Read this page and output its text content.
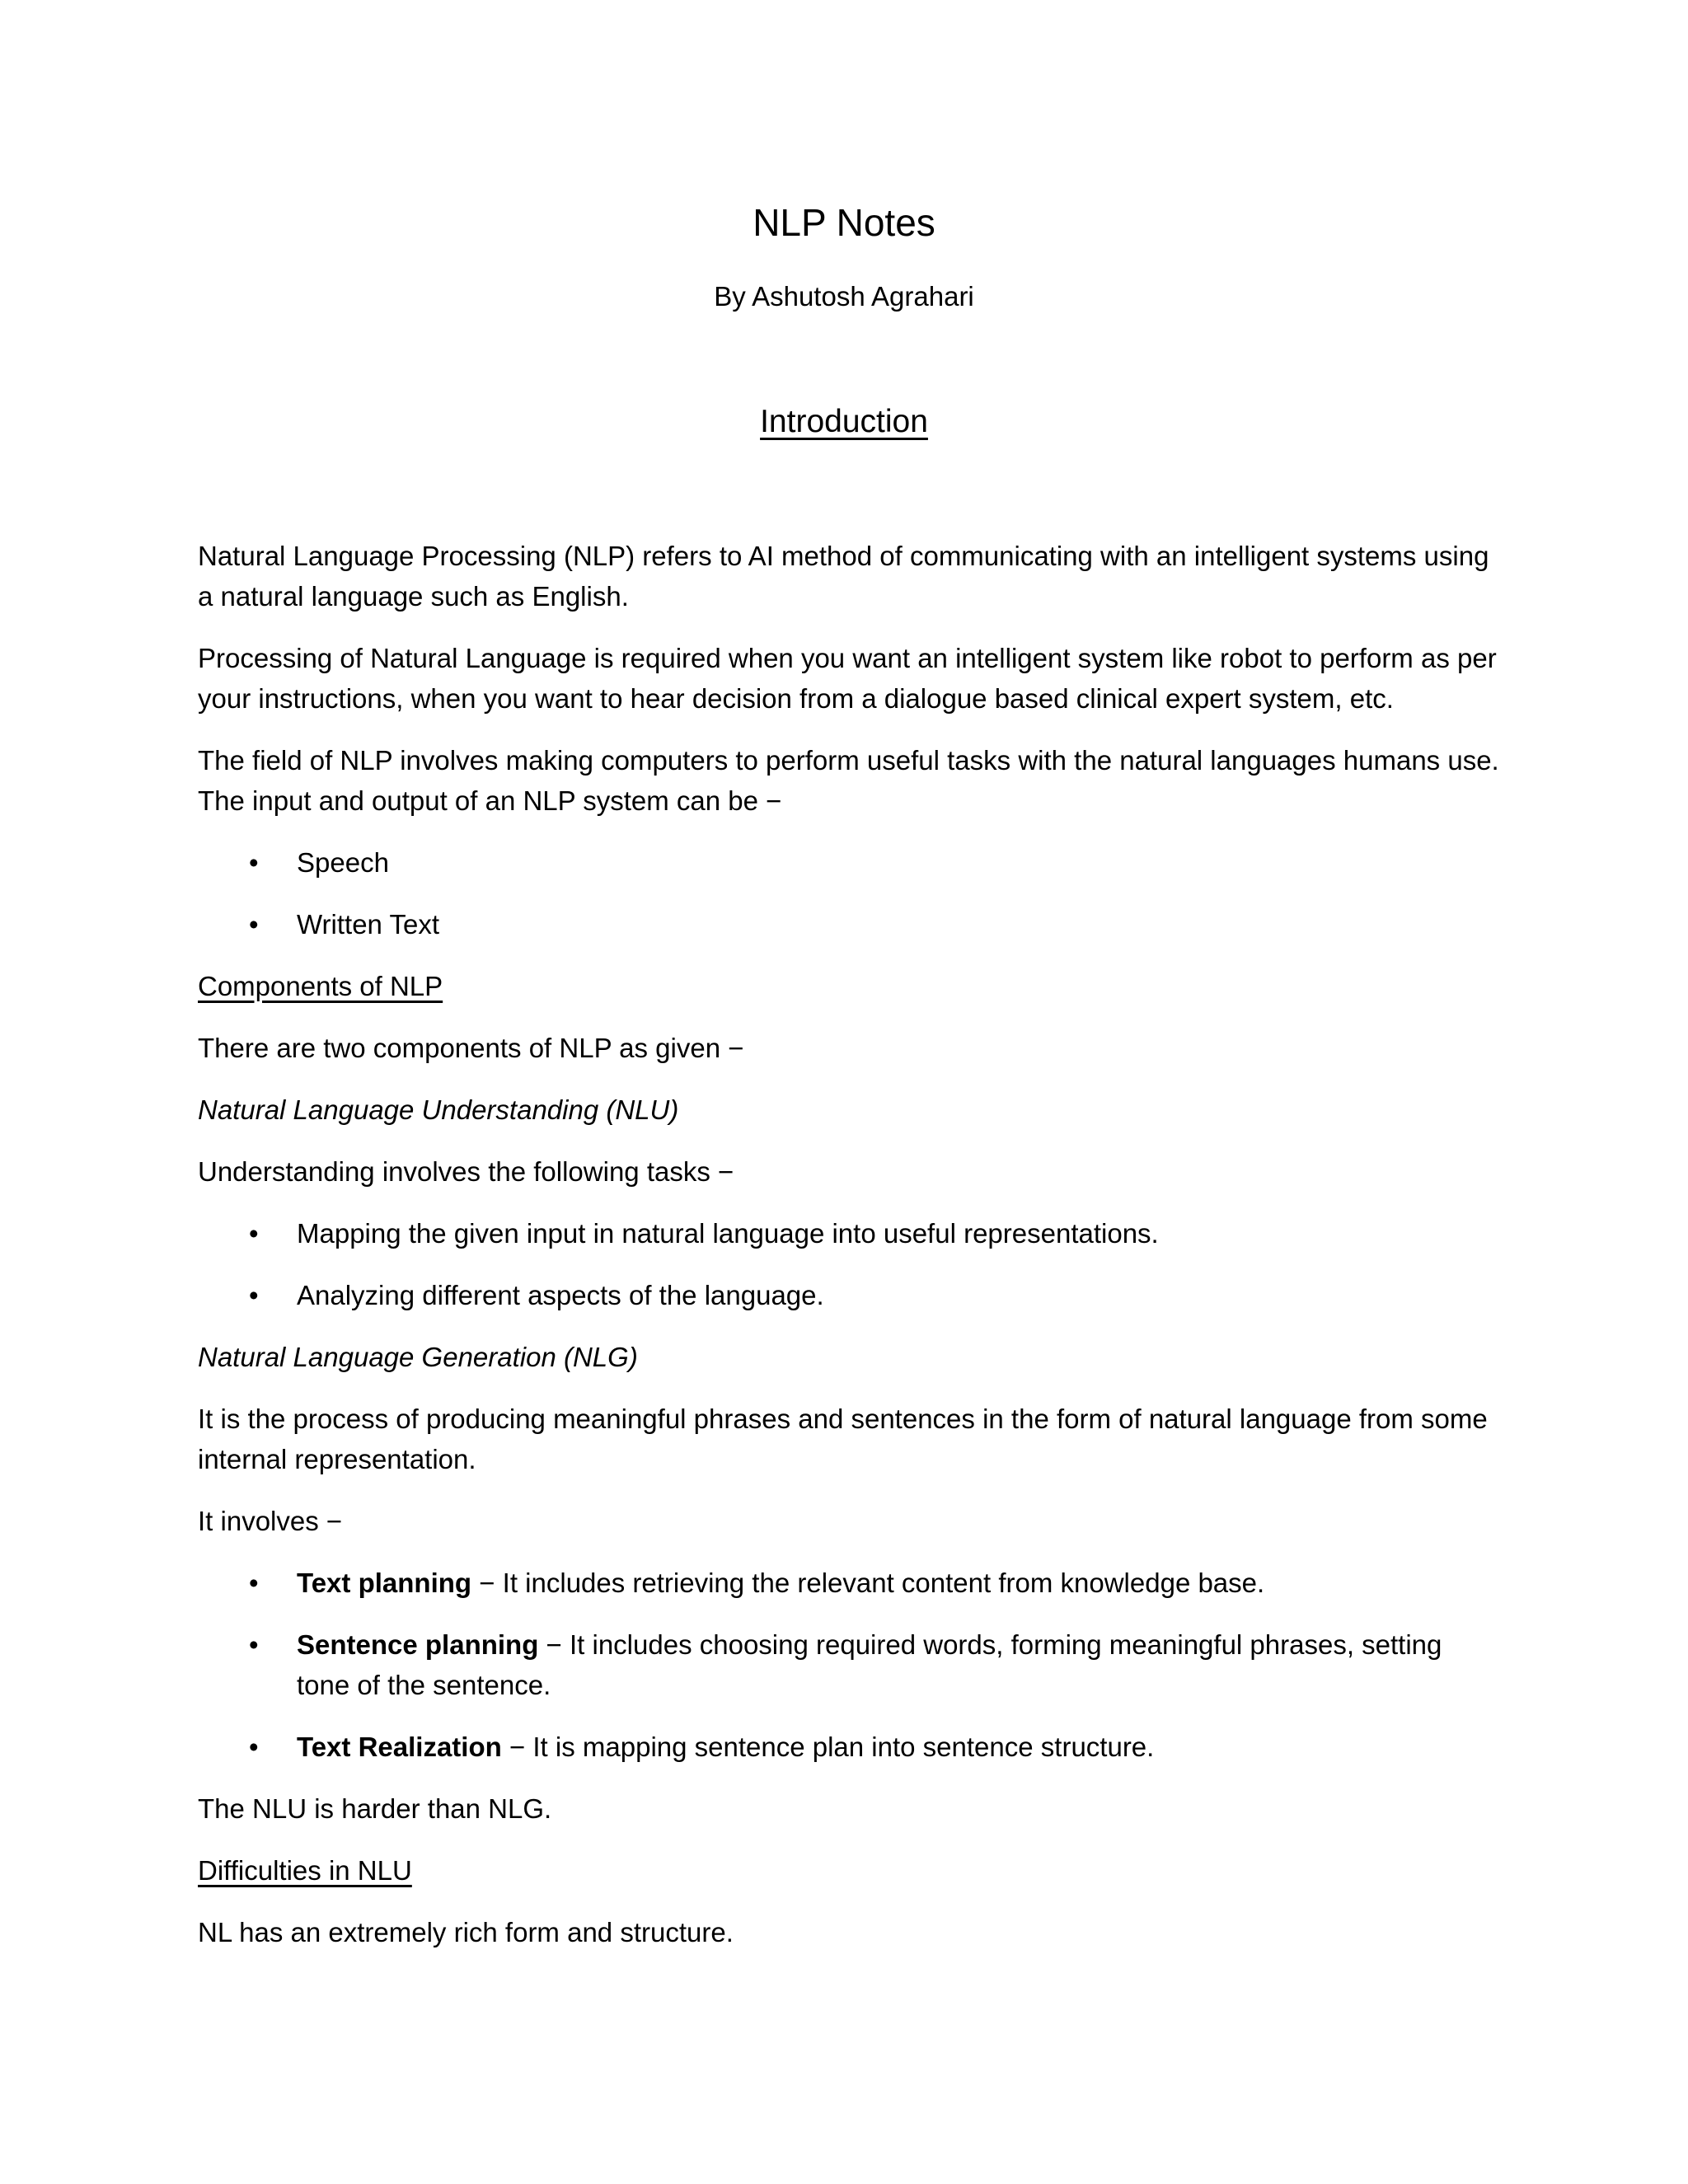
NLP Notes
By Ashutosh Agrahari
Introduction

Natural Language Processing (NLP) refers to AI method of communicating with an intelligent systems using a natural language such as English.

Processing of Natural Language is required when you want an intelligent system like robot to perform as per your instructions, when you want to hear decision from a dialogue based clinical expert system, etc.

The field of NLP involves making computers to perform useful tasks with the natural languages humans use. The input and output of an NLP system can be −

• Speech
• Written Text

Components of NLP

There are two components of NLP as given −

Natural Language Understanding (NLU)

Understanding involves the following tasks −

• Mapping the given input in natural language into useful representations.
• Analyzing different aspects of the language.

Natural Language Generation (NLG)

It is the process of producing meaningful phrases and sentences in the form of natural language from some internal representation.

It involves −

• Text planning − It includes retrieving the relevant content from knowledge base.
• Sentence planning − It includes choosing required words, forming meaningful phrases, setting tone of the sentence.
• Text Realization − It is mapping sentence plan into sentence structure.

The NLU is harder than NLG.

Difficulties in NLU

NL has an extremely rich form and structure.
